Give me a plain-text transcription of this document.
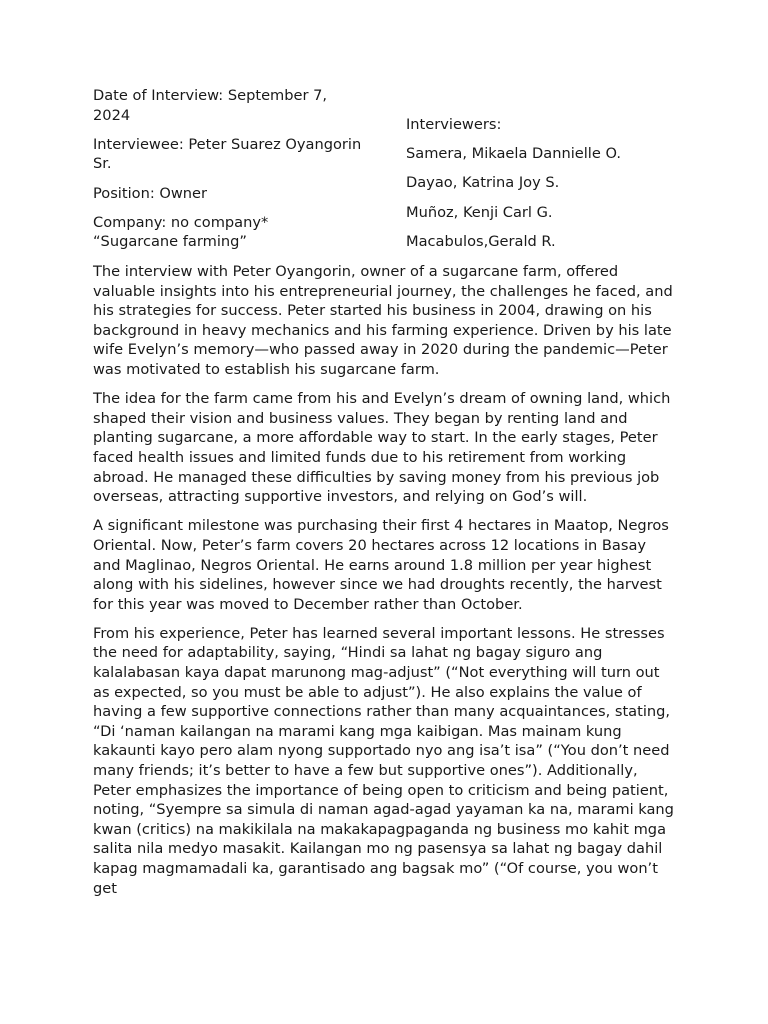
Date of Interview: September 7, 2024

Interviewee: Peter Suarez Oyangorin Sr.

Position: Owner

Company: no company*
“Sugarcane farming”

Interviewers:

Samera, Mikaela Dannielle O.

Dayao, Katrina Joy S.

Muñoz, Kenji Carl G.

Macabulos,Gerald R.

The interview with Peter Oyangorin, owner of a sugarcane farm, offered valuable insights into his entrepreneurial journey, the challenges he faced, and his strategies for success. Peter started his business in 2004, drawing on his background in heavy mechanics and his farming experience. Driven by his late wife Evelyn’s memory—who passed away in 2020 during the pandemic—Peter was motivated to establish his sugarcane farm.

The idea for the farm came from his and Evelyn’s dream of owning land, which shaped their vision and business values. They began by renting land and planting sugarcane, a more affordable way to start. In the early stages, Peter faced health issues and limited funds due to his retirement from working abroad. He managed these difficulties by saving money from his previous job overseas, attracting supportive investors, and relying on God’s will.

A significant milestone was purchasing their first 4 hectares in Maatop, Negros Oriental. Now, Peter’s farm covers 20 hectares across 12 locations in Basay and Maglinao, Negros Oriental. He earns around 1.8 million per year highest along with his sidelines, however since we had droughts recently, the harvest for this year was moved to December rather than October.

From his experience, Peter has learned several important lessons. He stresses the need for adaptability, saying, “Hindi sa lahat ng bagay siguro ang kalalabasan kaya dapat marunong mag-adjust” (“Not everything will turn out as expected, so you must be able to adjust”). He also explains the value of having a few supportive connections rather than many acquaintances, stating, “Di ‘naman kailangan na marami kang mga kaibigan. Mas mainam kung kakaunti kayo pero alam nyong supportado nyo ang isa’t isa” (“You don’t need many friends; it’s better to have a few but supportive ones”). Additionally, Peter emphasizes the importance of being open to criticism and being patient, noting, “Syempre sa simula di naman agad-agad yayaman ka na, marami kang kwan (critics) na makikilala na makakapagpaganda ng business mo kahit mga salita nila medyo masakit. Kailangan mo ng pasensya sa lahat ng bagay dahil kapag magmamadali ka, garantisado ang bagsak mo” (“Of course, you won’t get
